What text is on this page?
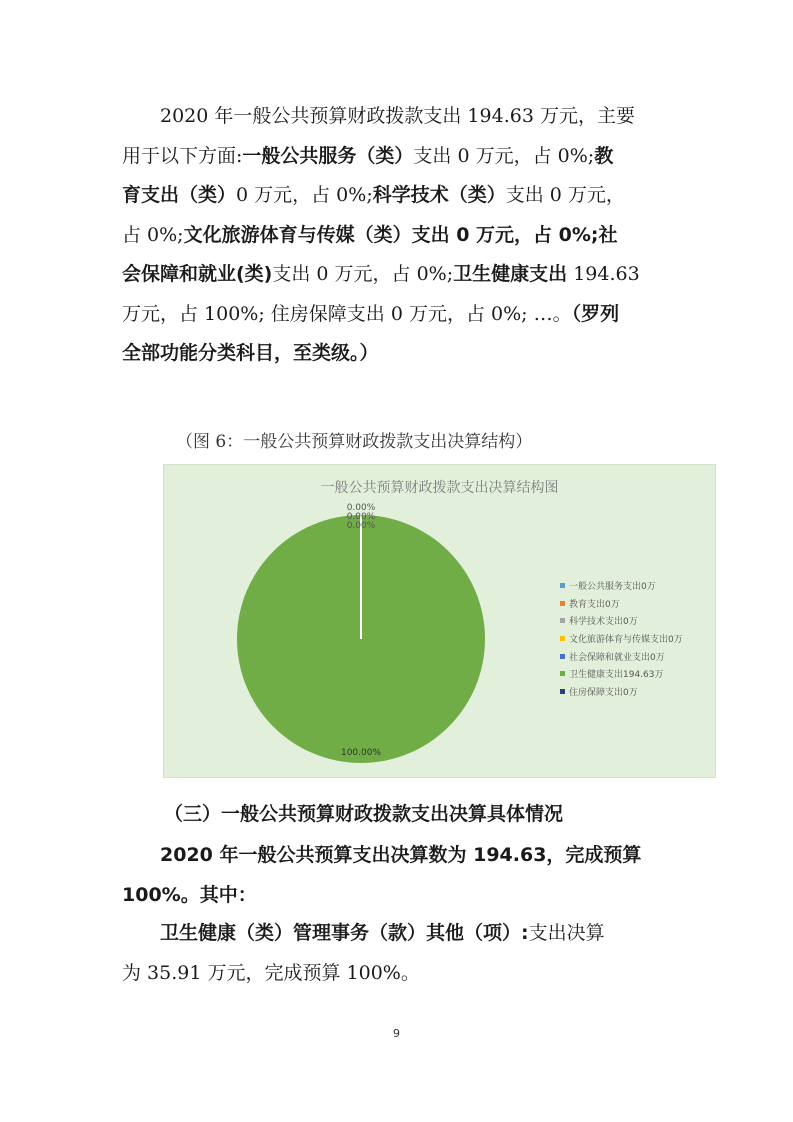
2020 年一般公共预算财政拨款支出 194.63 万元，主要
用于以下方面:一般公共服务（类）支出 0 万元，占 0%;教
育支出（类）0 万元，占 0%;科学技术（类）支出 0 万元，
占 0%;文化旅游体育与传媒（类）支出 0 万元，占 0%;社
会保障和就业(类)支出 0 万元，占 0%;卫生健康支出 194.63
万元，占 100%; 住房保障支出 0 万元，占 0%; …。（罗列
全部功能分类科目，至类级。）

（图 6：一般公共预算财政拨款支出决算结构）

一般公共预算财政拨款支出决算结构图
0.00%
0.00%
0.00%
100.00%
一般公共服务支出0万
教育支出0万
科学技术支出0万
文化旅游体育与传媒支出0万
社会保障和就业支出0万
卫生健康支出194.63万
住房保障支出0万
（三）一般公共预算财政拨款支出决算具体情况
2020 年一般公共预算支出决算数为 194.63，完成预算
100%。其中：
卫生健康（类）管理事务（款）其他（项）:支出决算
为 35.91 万元，完成预算 100%。
9
